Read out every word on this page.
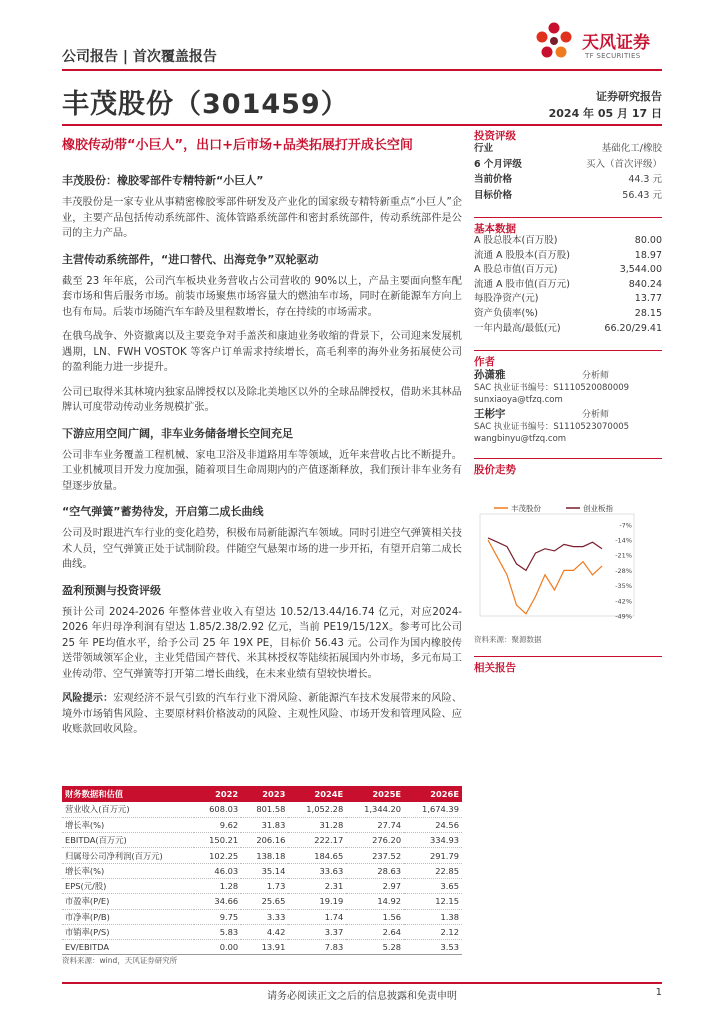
公司报告 | 首次覆盖报告
天风证券
TF SECURITIES
丰茂股份（301459）	证券研究报告
2024 年 05 月 17 日
橡胶传动带“小巨人”，出口+后市场+品类拓展打开成长空间
丰茂股份：橡胶零部件专精特新“小巨人”
丰茂股份是一家专业从事精密橡胶零部件研发及产业化的国家级专精特新重点“小巨人”企业，主要产品包括传动系统部件、流体管路系统部件和密封系统部件，传动系统部件是公司的主力产品。
主营传动系统部件，“进口替代、出海竞争”双轮驱动
截至 23 年年底，公司汽车板块业务营收占公司营收的 90%以上，产品主要面向整车配套市场和售后服务市场。前装市场聚焦市场容量大的燃油车市场，同时在新能源车方向上也有布局。后装市场随汽车车龄及里程数增长，存在持续的市场需求。
在俄乌战争、外资撤离以及主要竞争对手盖茨和康迪业务收缩的背景下，公司迎来发展机遇期，LN、FWH VOSTOK 等客户订单需求持续增长，高毛利率的海外业务拓展使公司的盈利能力进一步提升。
公司已取得米其林境内独家品牌授权以及除北美地区以外的全球品牌授权，借助米其林品牌认可度带动传动业务规模扩张。
下游应用空间广阔，非车业务储备增长空间充足
公司非车业务覆盖工程机械、家电卫浴及非道路用车等领域，近年来营收占比不断提升。工业机械项目开发力度加强，随着项目生命周期内的产值逐渐释放，我们预计非车业务有望逐步放量。
“空气弹簧”蓄势待发，开启第二成长曲线
公司及时跟进汽车行业的变化趋势，积极布局新能源汽车领域。同时引进空气弹簧相关技术人员，空气弹簧正处于试制阶段。伴随空气悬架市场的进一步开拓，有望开启第二成长曲线。
盈利预测与投资评级
预计公司 2024-2026 年整体营业收入有望达 10.52/13.44/16.74 亿元，对应2024-2026 年归母净利润有望达 1.85/2.38/2.92 亿元，当前 PE19/15/12X。参考可比公司 25 年 PE均值水平，给予公司 25 年 19X PE，目标价 56.43 元。公司作为国内橡胶传送带领域领军企业，主业凭借国产替代、米其林授权等陆续拓展国内外市场，多元布局工业传动带、空气弹簧等打开第二增长曲线，在未来业绩有望较快增长。
风险提示：宏观经济不景气引致的汽车行业下滑风险、新能源汽车技术发展带来的风险、境外市场销售风险、主要原材料价格波动的风险、主观性风险、市场开发和管理风险、应收账款回收风险。
投资评级
行业	基础化工/橡胶
6 个月评级	买入（首次评级）
当前价格	44.3 元
目标价格	56.43 元
基本数据
A 股总股本(百万股)	80.00
流通 A 股股本(百万股)	18.97
A 股总市值(百万元)	3,544.00
流通 A 股市值(百万元)	840.24
每股净资产(元)	13.77
资产负债率(%)	28.15
一年内最高/最低(元)	66.20/29.41
作者
孙潇雅	分析师
SAC 执业证书编号：S1110520080009
sunxiaoya@tfzq.com
王彬宇	分析师
SAC 执业证书编号：S1110523070005
wangbinyu@tfzq.com
股价走势
-7%
-14%
-21%
-28%
-35%
-42%
-49%
丰茂股份	创业板指
资料来源：聚源数据
相关报告
财务数据和估值	2022	2023	2024E	2025E	2026E
营业收入(百万元)	608.03	801.58	1,052.28	1,344.20	1,674.39
增长率(%)	9.62	31.83	31.28	27.74	24.56
EBITDA(百万元)	150.21	206.16	222.17	276.20	334.93
归属母公司净利润(百万元)	102.25	138.18	184.65	237.52	291.79
增长率(%)	46.03	35.14	33.63	28.63	22.85
EPS(元/股)	1.28	1.73	2.31	2.97	3.65
市盈率(P/E)	34.66	25.65	19.19	14.92	12.15
市净率(P/B)	9.75	3.33	1.74	1.56	1.38
市销率(P/S)	5.83	4.42	3.37	2.64	2.12
EV/EBITDA	0.00	13.91	7.83	5.28	3.53
资料来源：wind，天风证券研究所
请务必阅读正文之后的信息披露和免责申明	1
